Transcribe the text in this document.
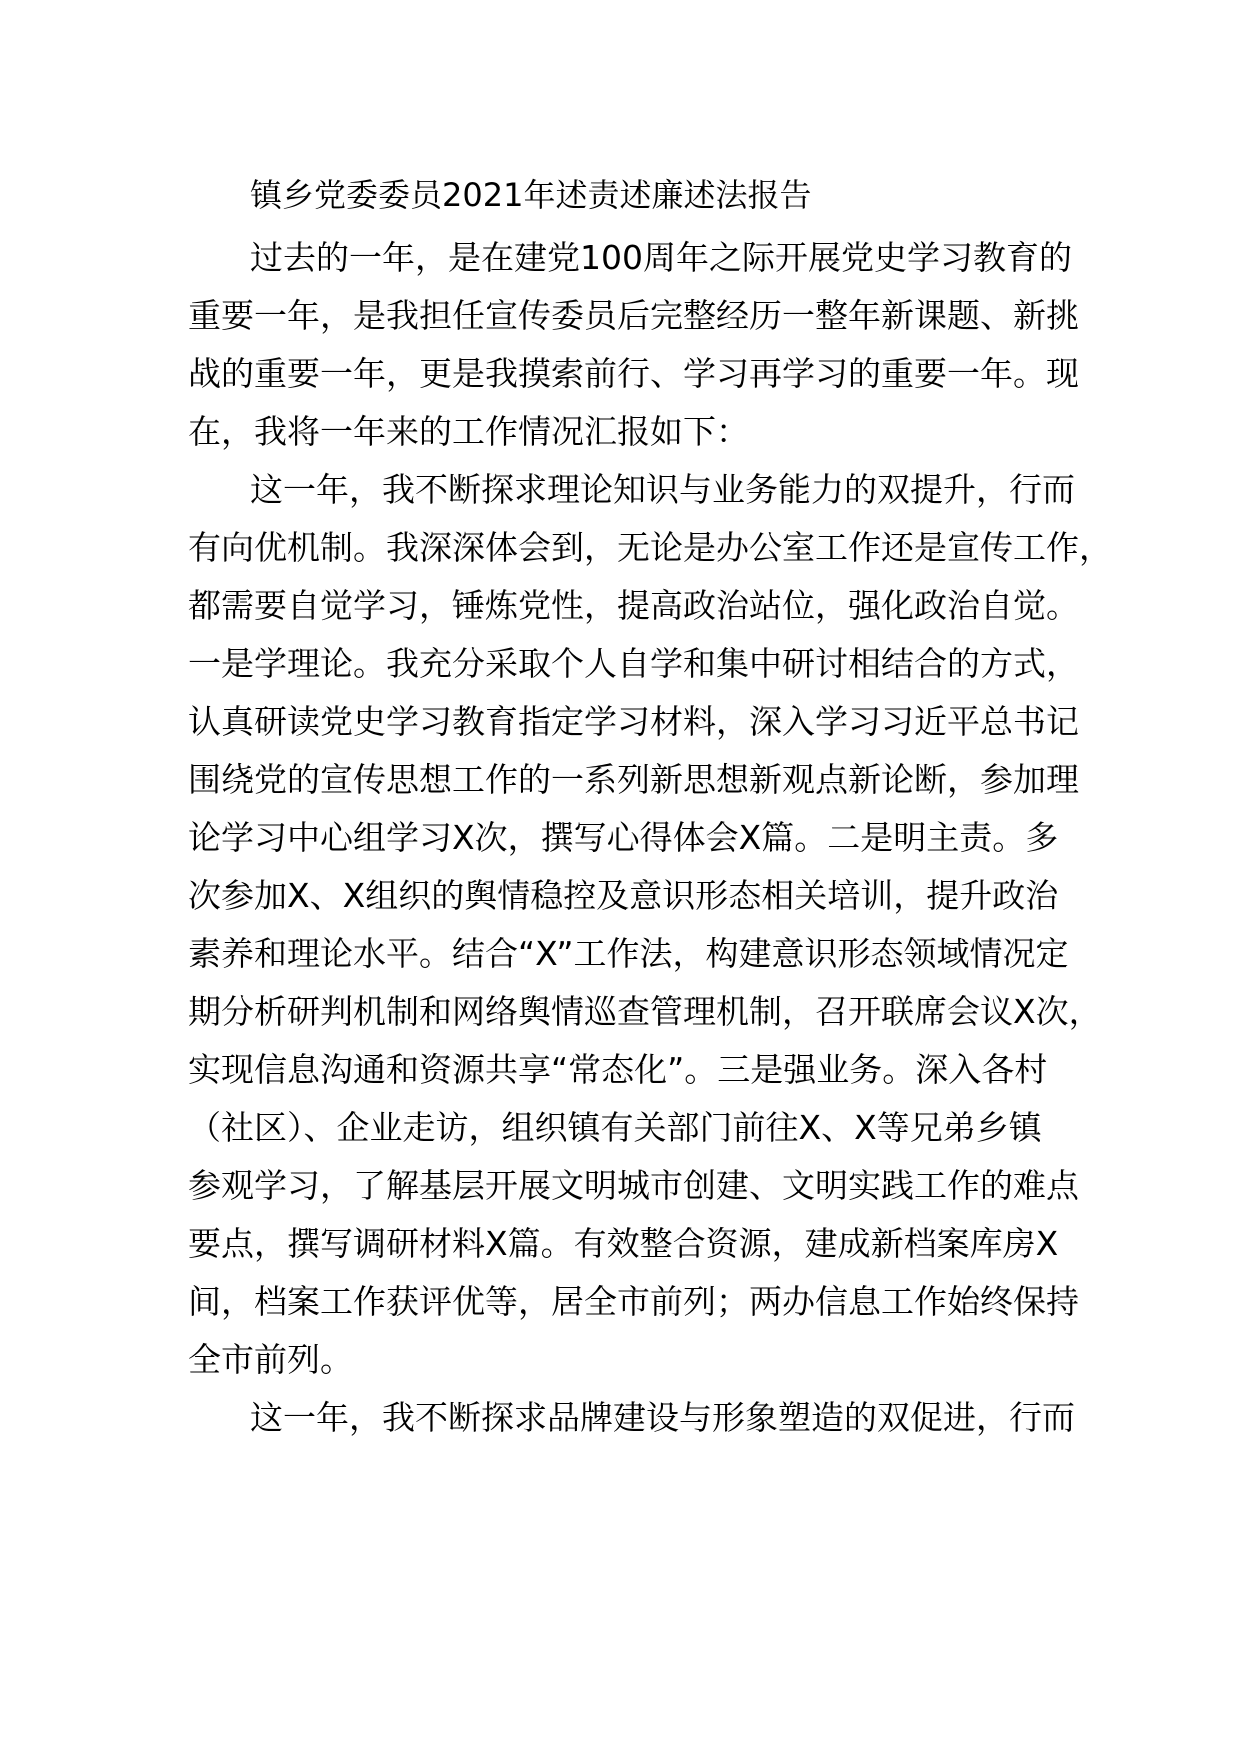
镇乡党委委员2021年述责述廉述法报告
过去的一年，是在建党100周年之际开展党史学习教育的
重要一年，是我担任宣传委员后完整经历一整年新课题、新挑
战的重要一年，更是我摸索前行、学习再学习的重要一年。现
在，我将一年来的工作情况汇报如下：
这一年，我不断探求理论知识与业务能力的双提升，行而
有向优机制。我深深体会到，无论是办公室工作还是宣传工作，
都需要自觉学习，锤炼党性，提高政治站位，强化政治自觉。
一是学理论。我充分采取个人自学和集中研讨相结合的方式，
认真研读党史学习教育指定学习材料，深入学习习近平总书记
围绕党的宣传思想工作的一系列新思想新观点新论断，参加理
论学习中心组学习X次，撰写心得体会X篇。二是明主责。多
次参加X、X组织的舆情稳控及意识形态相关培训，提升政治
素养和理论水平。结合“X”工作法，构建意识形态领域情况定
期分析研判机制和网络舆情巡查管理机制，召开联席会议X次，
实现信息沟通和资源共享“常态化”。三是强业务。深入各村
（社区）、企业走访，组织镇有关部门前往X、X等兄弟乡镇
参观学习，了解基层开展文明城市创建、文明实践工作的难点
要点，撰写调研材料X篇。有效整合资源，建成新档案库房X
间，档案工作获评优等，居全市前列；两办信息工作始终保持
全市前列。
这一年，我不断探求品牌建设与形象塑造的双促进，行而
